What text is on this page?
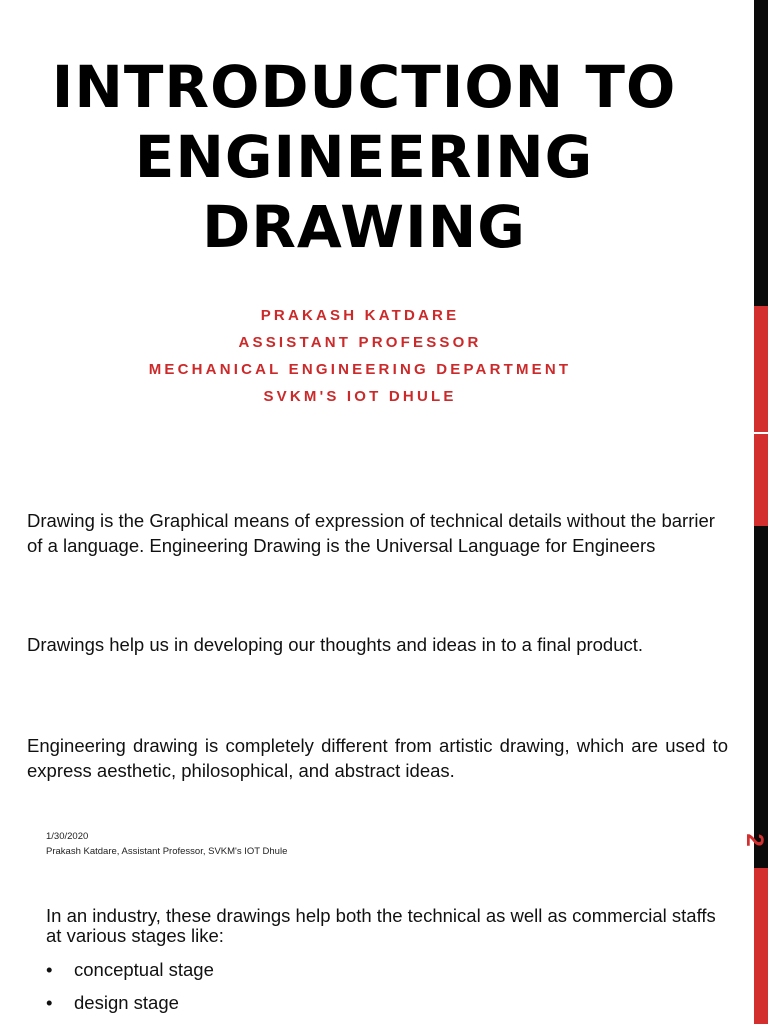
INTRODUCTION TO
ENGINEERING
DRAWING
PRAKASH KATDARE
ASSISTANT PROFESSOR
MECHANICAL ENGINEERING DEPARTMENT
SVKM'S IOT DHULE
Drawing is the Graphical means of expression of technical details without the barrier of a language. Engineering Drawing is the Universal Language for Engineers
Drawings help us in developing our thoughts and ideas in to a final product.
Engineering drawing is completely different from artistic drawing, which are used to express aesthetic, philosophical, and abstract ideas.
1/30/2020
Prakash Katdare, Assistant Professor, SVKM's IOT Dhule
2
In an industry, these drawings help both the technical as well as commercial staffs at various stages like:
•	conceptual stage
•	design stage
